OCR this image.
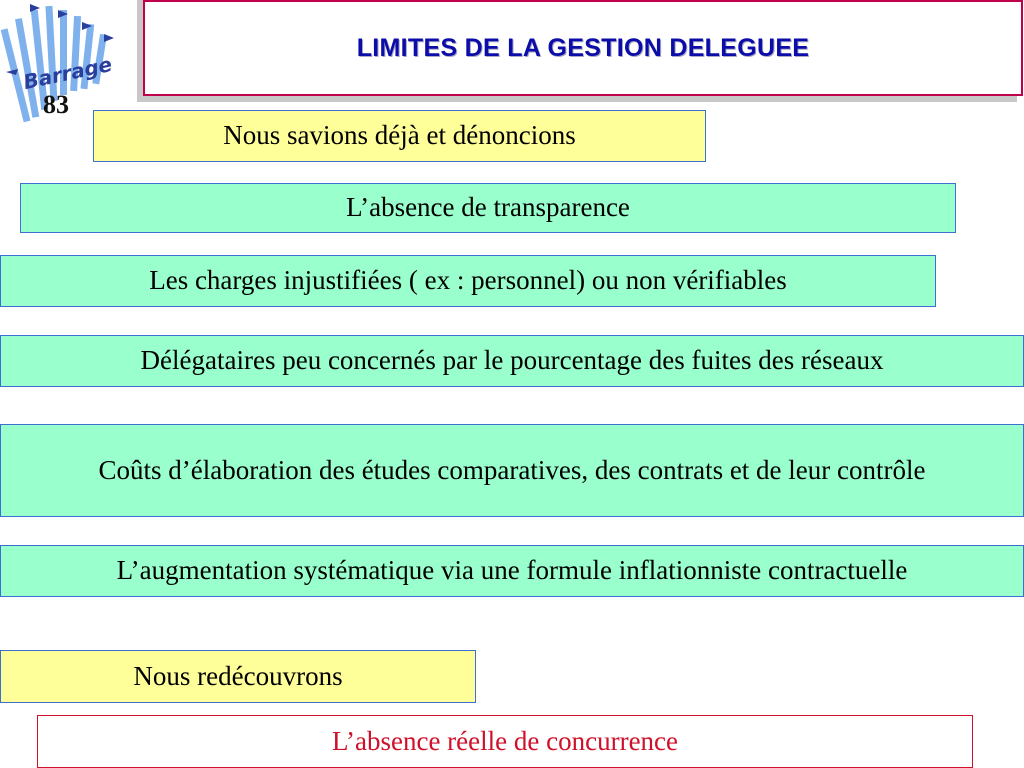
Barrage
83
LIMITES DE LA GESTION DELEGUEE
Nous savions déjà et dénoncions
L’absence de transparence
Les charges injustifiées ( ex : personnel) ou non vérifiables
Délégataires peu concernés par le pourcentage des fuites des réseaux
Coûts d’élaboration des études comparatives, des contrats et de leur contrôle
L’augmentation systématique via une formule inflationniste contractuelle
Nous redécouvrons
L’absence réelle de concurrence
